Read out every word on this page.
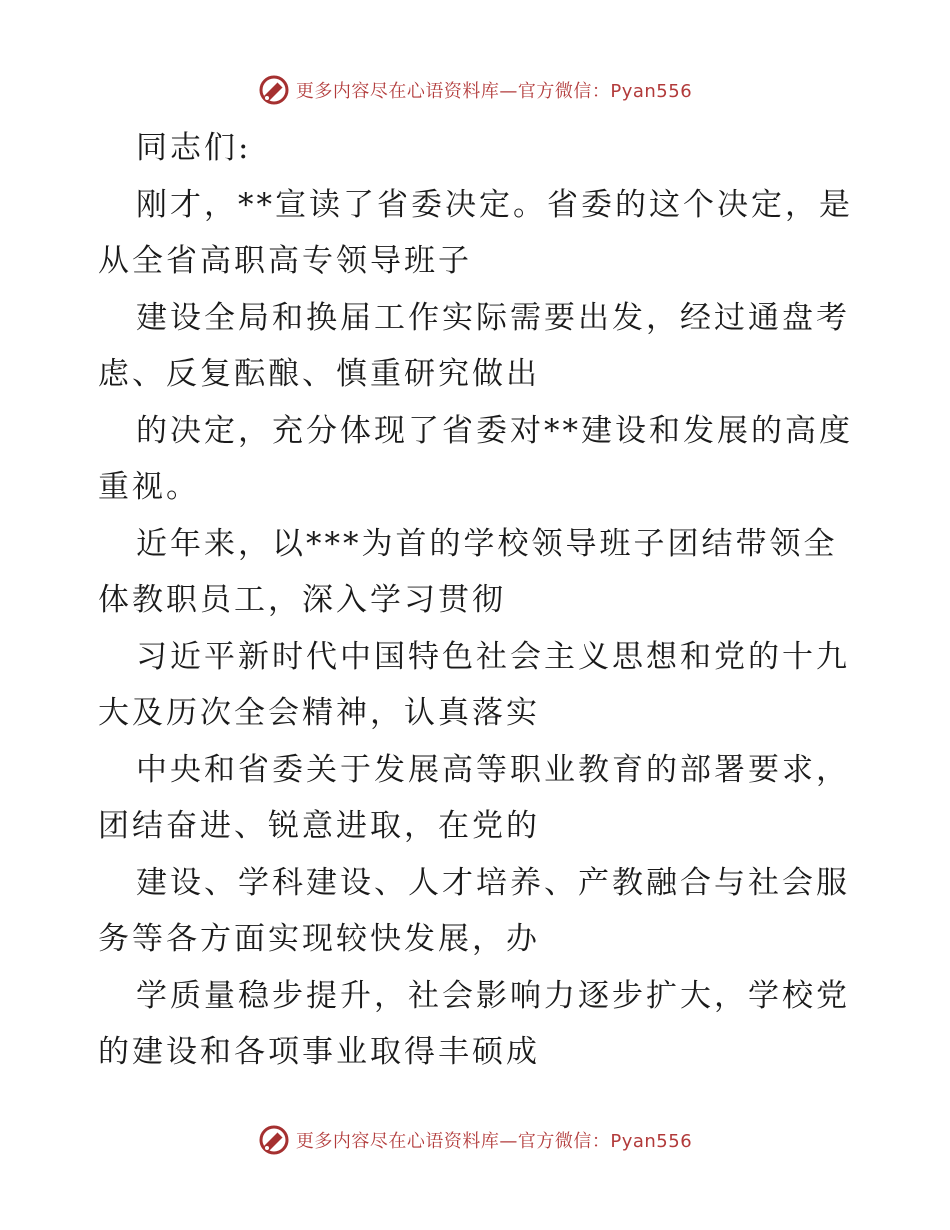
更多内容尽在心语资料库—官方微信：Pyan556
同志们:
刚才，**宣读了省委决定。省委的这个决定，是
从全省高职高专领导班子
建设全局和换届工作实际需要出发，经过通盘考
虑、反复酝酿、慎重研究做出
的决定，充分体现了省委对**建设和发展的高度
重视。
近年来，以***为首的学校领导班子团结带领全
体教职员工，深入学习贯彻
习近平新时代中国特色社会主义思想和党的十九
大及历次全会精神，认真落实
中央和省委关于发展高等职业教育的部署要求，
团结奋进、锐意进取，在党的
建设、学科建设、人才培养、产教融合与社会服
务等各方面实现较快发展，办
学质量稳步提升，社会影响力逐步扩大，学校党
的建设和各项事业取得丰硕成
更多内容尽在心语资料库—官方微信：Pyan556
